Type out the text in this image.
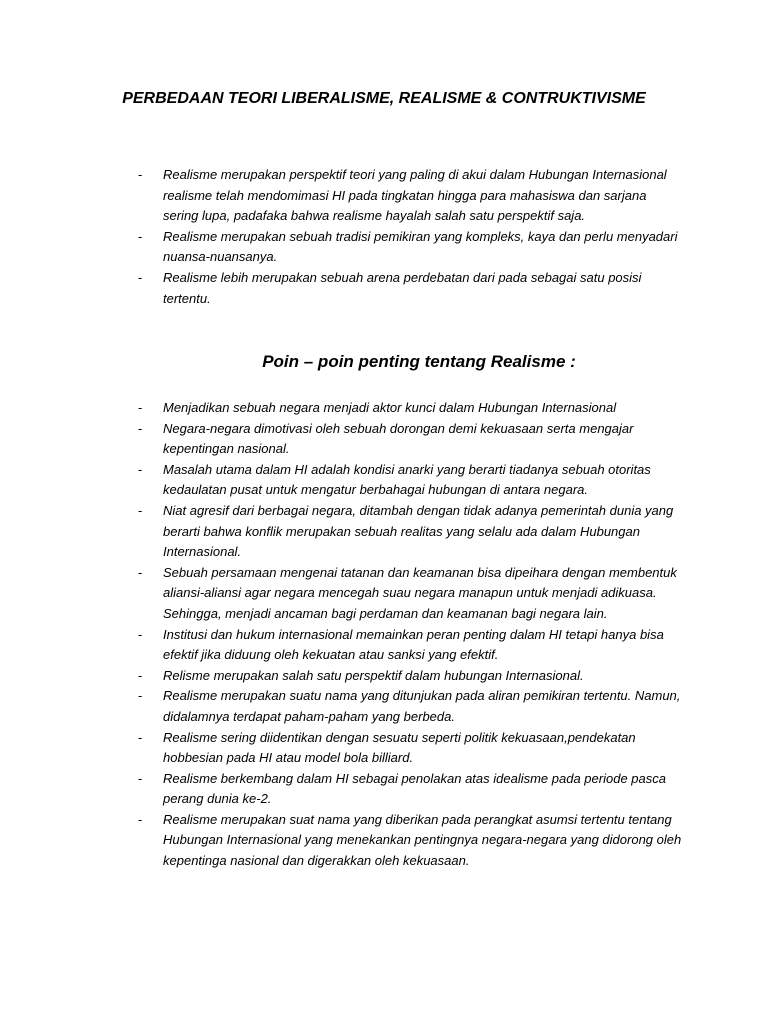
PERBEDAAN TEORI LIBERALISME, REALISME & CONTRUKTIVISME
- Realisme merupakan perspektif teori yang paling di akui dalam Hubungan Internasional realisme telah mendomimasi HI pada tingkatan hingga para mahasiswa dan sarjana sering lupa, padafaka bahwa realisme hayalah salah satu perspektif saja.
- Realisme merupakan sebuah tradisi pemikiran yang kompleks, kaya dan perlu menyadari nuansa-nuansanya.
- Realisme lebih merupakan sebuah arena perdebatan dari pada sebagai satu posisi tertentu.
Poin – poin penting tentang Realisme :
- Menjadikan sebuah negara menjadi aktor kunci dalam Hubungan Internasional
- Negara-negara dimotivasi oleh sebuah dorongan demi kekuasaan serta mengajar kepentingan nasional.
- Masalah utama dalam HI adalah kondisi anarki yang berarti tiadanya sebuah otoritas kedaulatan pusat untuk mengatur berbahagai hubungan di antara negara.
- Niat agresif dari berbagai negara, ditambah dengan tidak adanya pemerintah dunia yang berarti bahwa konflik merupakan sebuah realitas yang selalu ada dalam Hubungan Internasional.
- Sebuah persamaan mengenai tatanan dan keamanan bisa dipeihara dengan membentuk aliansi-aliansi agar negara mencegah suau negara manapun untuk menjadi adikuasa. Sehingga, menjadi ancaman bagi perdaman dan keamanan bagi negara lain.
- Institusi dan hukum internasional memainkan peran penting dalam HI tetapi hanya bisa efektif jika diduung oleh kekuatan atau sanksi yang efektif.
- Relisme merupakan salah satu perspektif dalam hubungan Internasional.
- Realisme merupakan suatu nama yang ditunjukan pada aliran pemikiran tertentu. Namun, didalamnya terdapat paham-paham yang berbeda.
- Realisme sering diidentikan dengan sesuatu seperti politik kekuasaan,pendekatan hobbesian pada HI atau model bola billiard.
- Realisme berkembang dalam HI sebagai penolakan atas idealisme pada periode pasca perang dunia ke-2.
- Realisme merupakan suat nama yang diberikan pada perangkat asumsi tertentu tentang Hubungan Internasional yang menekankan pentingnya negara-negara yang didorong oleh kepentinga nasional dan digerakkan oleh kekuasaan.
